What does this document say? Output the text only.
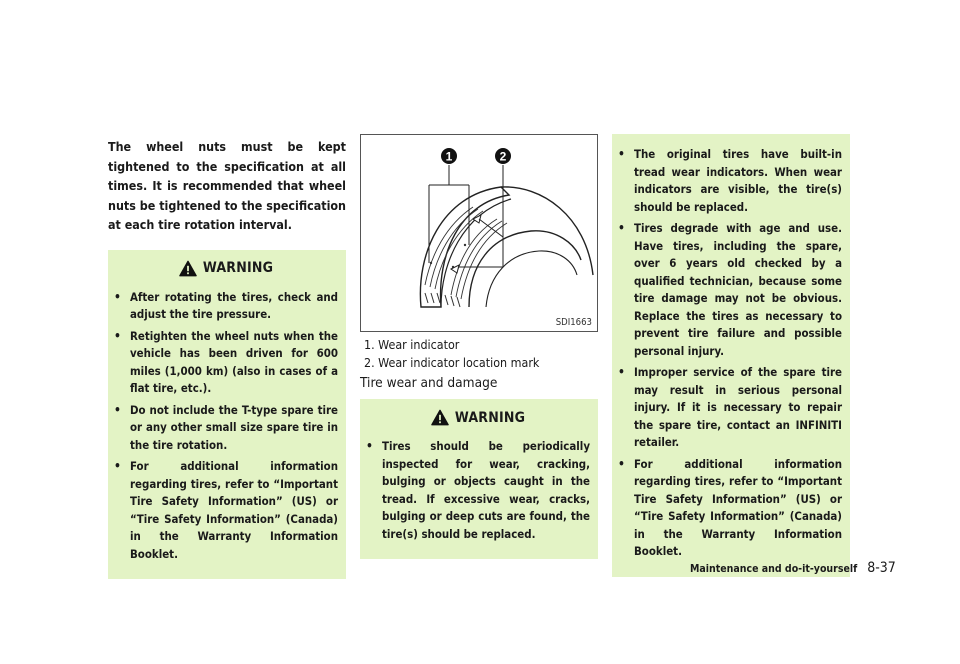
The wheel nuts must be kept tightened to the specification at all times. It is recommended that wheel nuts be tightened to the specification at each tire rotation interval.

WARNING
• After rotating the tires, check and adjust the tire pressure.
• Retighten the wheel nuts when the vehicle has been driven for 600 miles (1,000 km) (also in cases of a flat tire, etc.).
• Do not include the T-type spare tire or any other small size spare tire in the tire rotation.
• For additional information regarding tires, refer to “Important Tire Safety Information” (US) or “Tire Safety Information” (Canada) in the Warranty Information Booklet.
1	2
SDI1663
1. Wear indicator
2. Wear indicator location mark
Tire wear and damage
WARNING
• Tires should be periodically inspected for wear, cracking, bulging or objects caught in the tread. If excessive wear, cracks, bulging or deep cuts are found, the tire(s) should be replaced.
• The original tires have built-in tread wear indicators. When wear indicators are visible, the tire(s) should be replaced.
• Tires degrade with age and use. Have tires, including the spare, over 6 years old checked by a qualified technician, because some tire damage may not be obvious. Replace the tires as necessary to prevent tire failure and possible personal injury.
• Improper service of the spare tire may result in serious personal injury. If it is necessary to repair the spare tire, contact an INFINITI retailer.
• For additional information regarding tires, refer to “Important Tire Safety Information” (US) or “Tire Safety Information” (Canada) in the Warranty Information Booklet.
Maintenance and do-it-yourself 8-37
